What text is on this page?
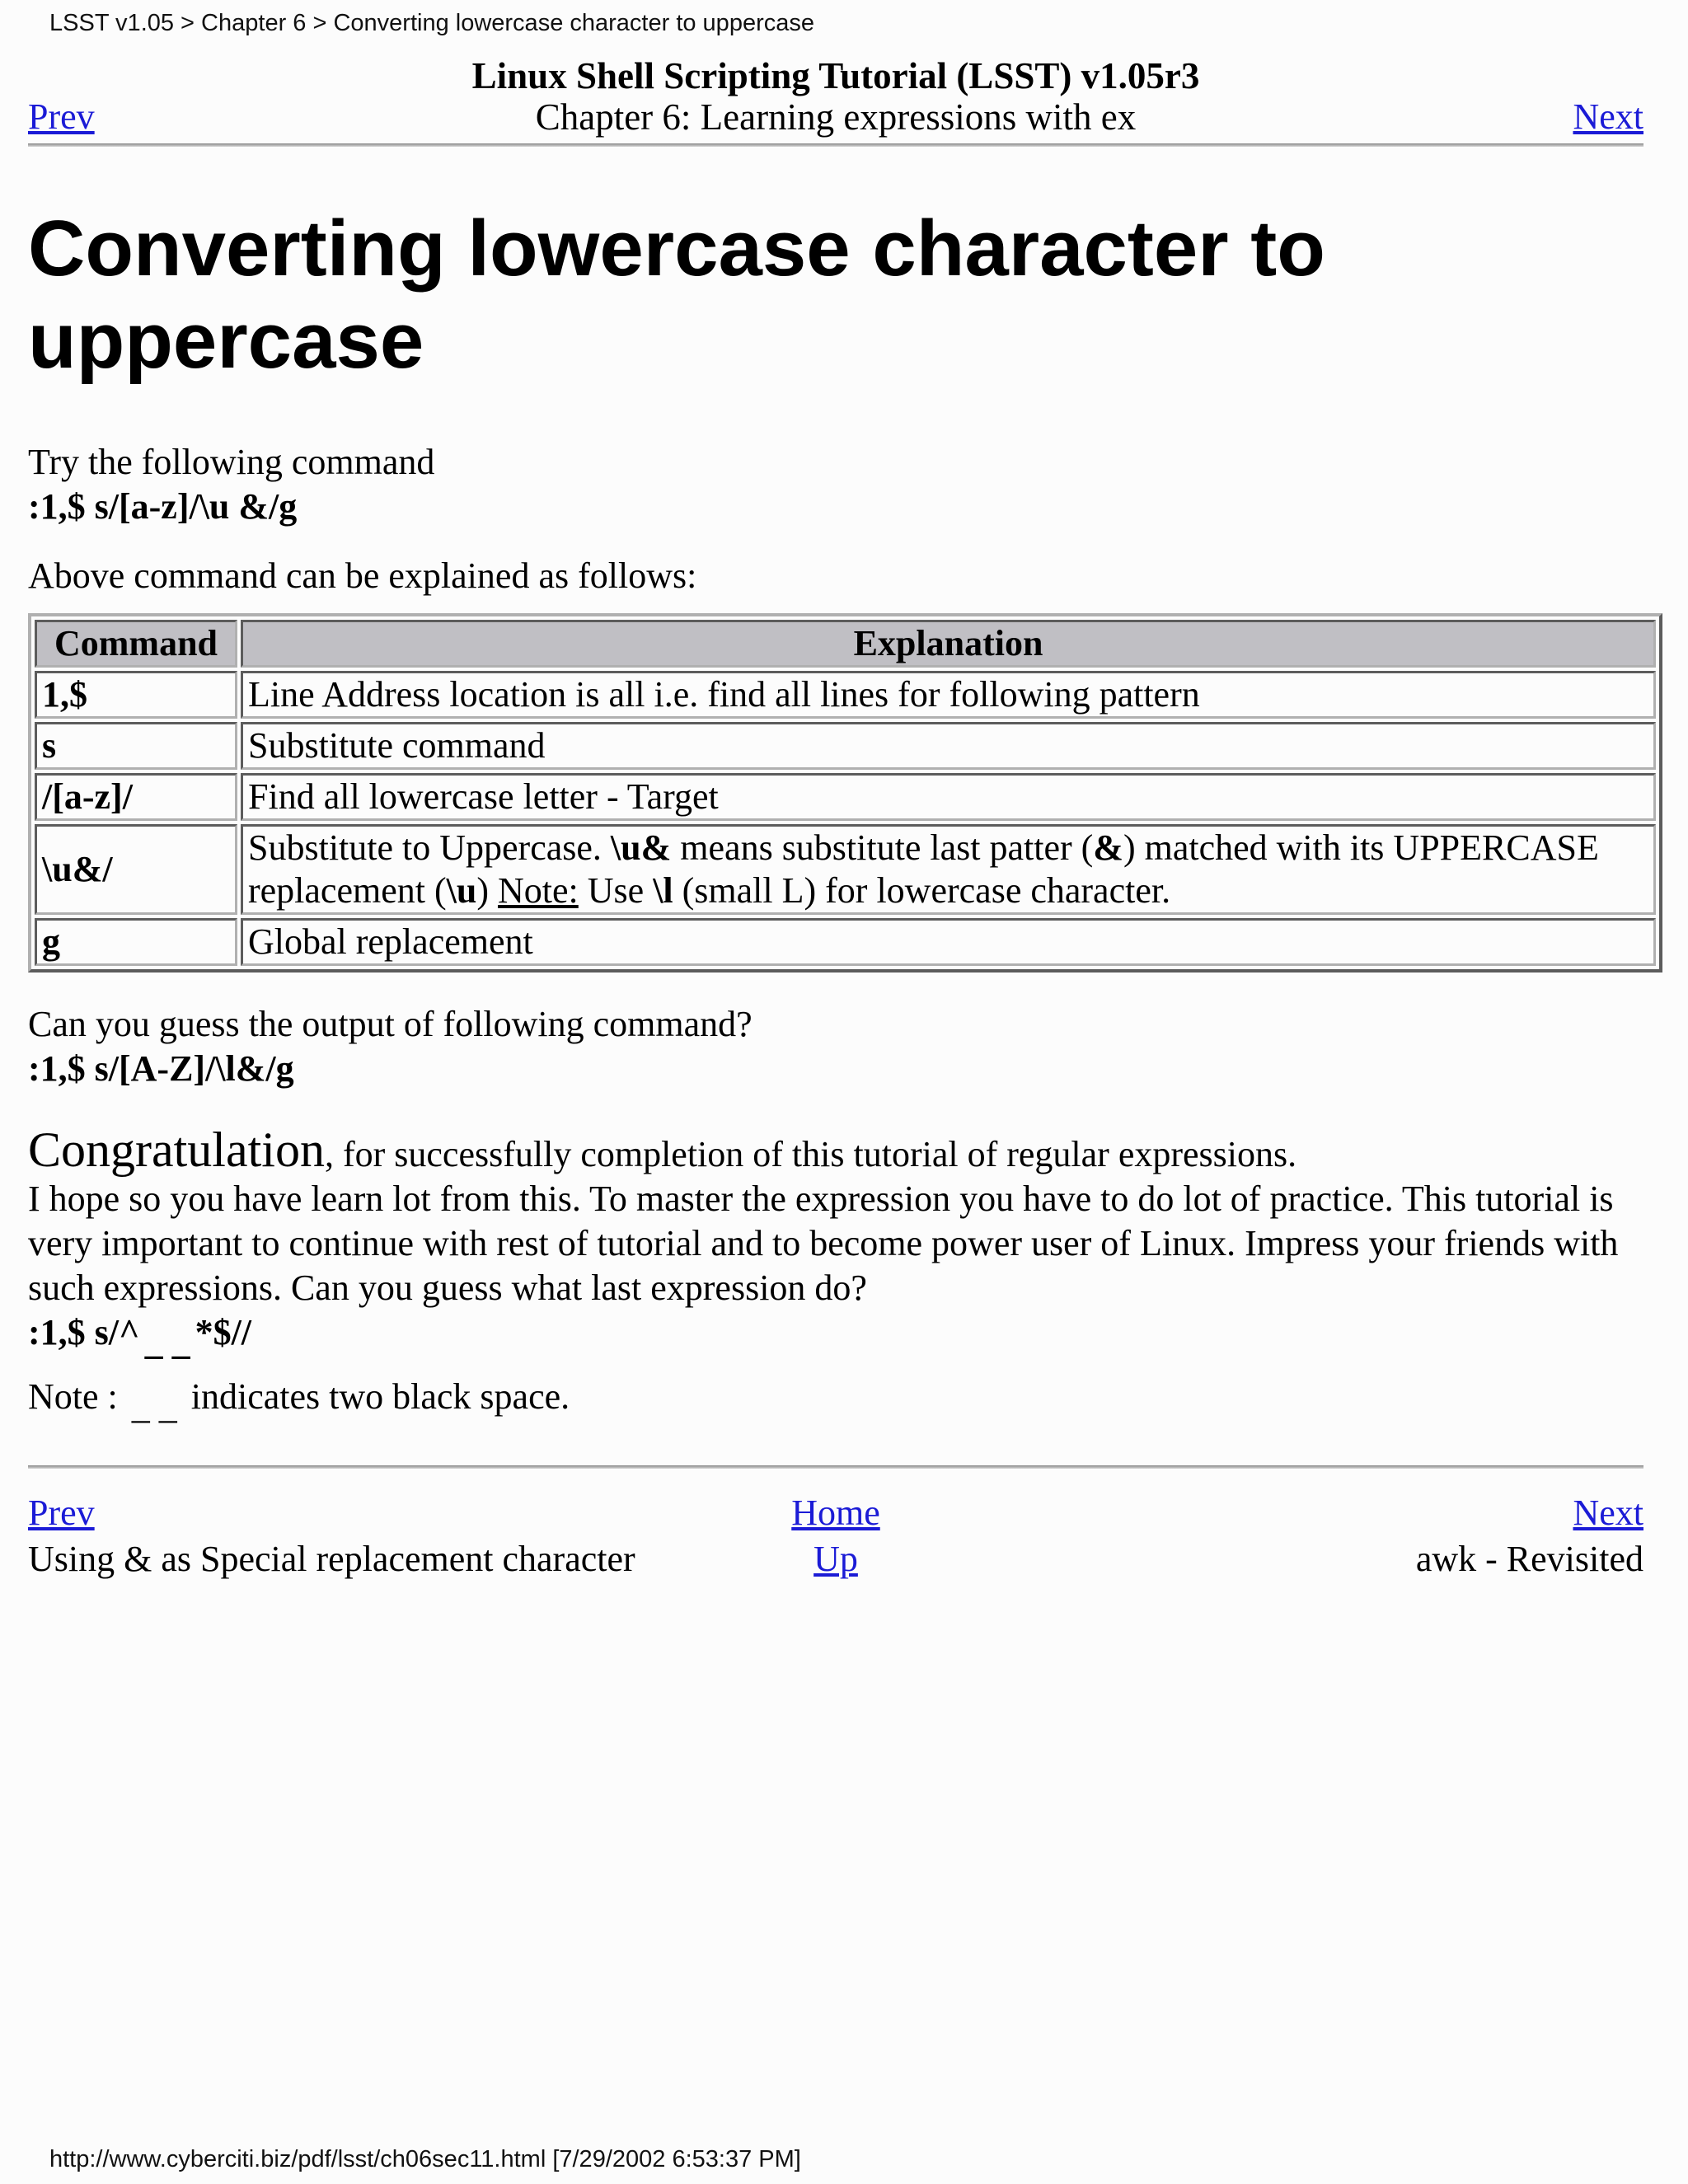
LSST v1.05 > Chapter 6 > Converting lowercase character to uppercase
Prev
Linux Shell Scripting Tutorial (LSST) v1.05r3
Chapter 6: Learning expressions with ex	Next
Converting lowercase character to uppercase

Try the following command
:1,$ s/[a-z]/\u &/g

Above command can be explained as follows:

Command	Explanation
1,$	Line Address location is all i.e. find all lines for following pattern
s	Substitute command
/[a-z]/	Find all lowercase letter - Target
\u&/	Substitute to Uppercase. \u& means substitute last patter (&) matched with its UPPERCASE replacement (\u) Note: Use \l (small L) for lowercase character.
g	Global replacement

Can you guess the output of following command?
:1,$ s/[A-Z]/\l&/g

Congratulation, for successfully completion of this tutorial of regular expressions.

I hope so you have learn lot from this. To master the expression you have to do lot of practice. This tutorial is very important to continue with rest of tutorial and to become power user of Linux. Impress your friends with such expressions. Can you guess what last expression do?
:1,$ s/^ _ _ *$//

Note : _ _ indicates two black space.

Prev	Home	Next
Using & as Special replacement character	Up	awk - Revisited
http://www.cyberciti.biz/pdf/lsst/ch06sec11.html [7/29/2002 6:53:37 PM]
